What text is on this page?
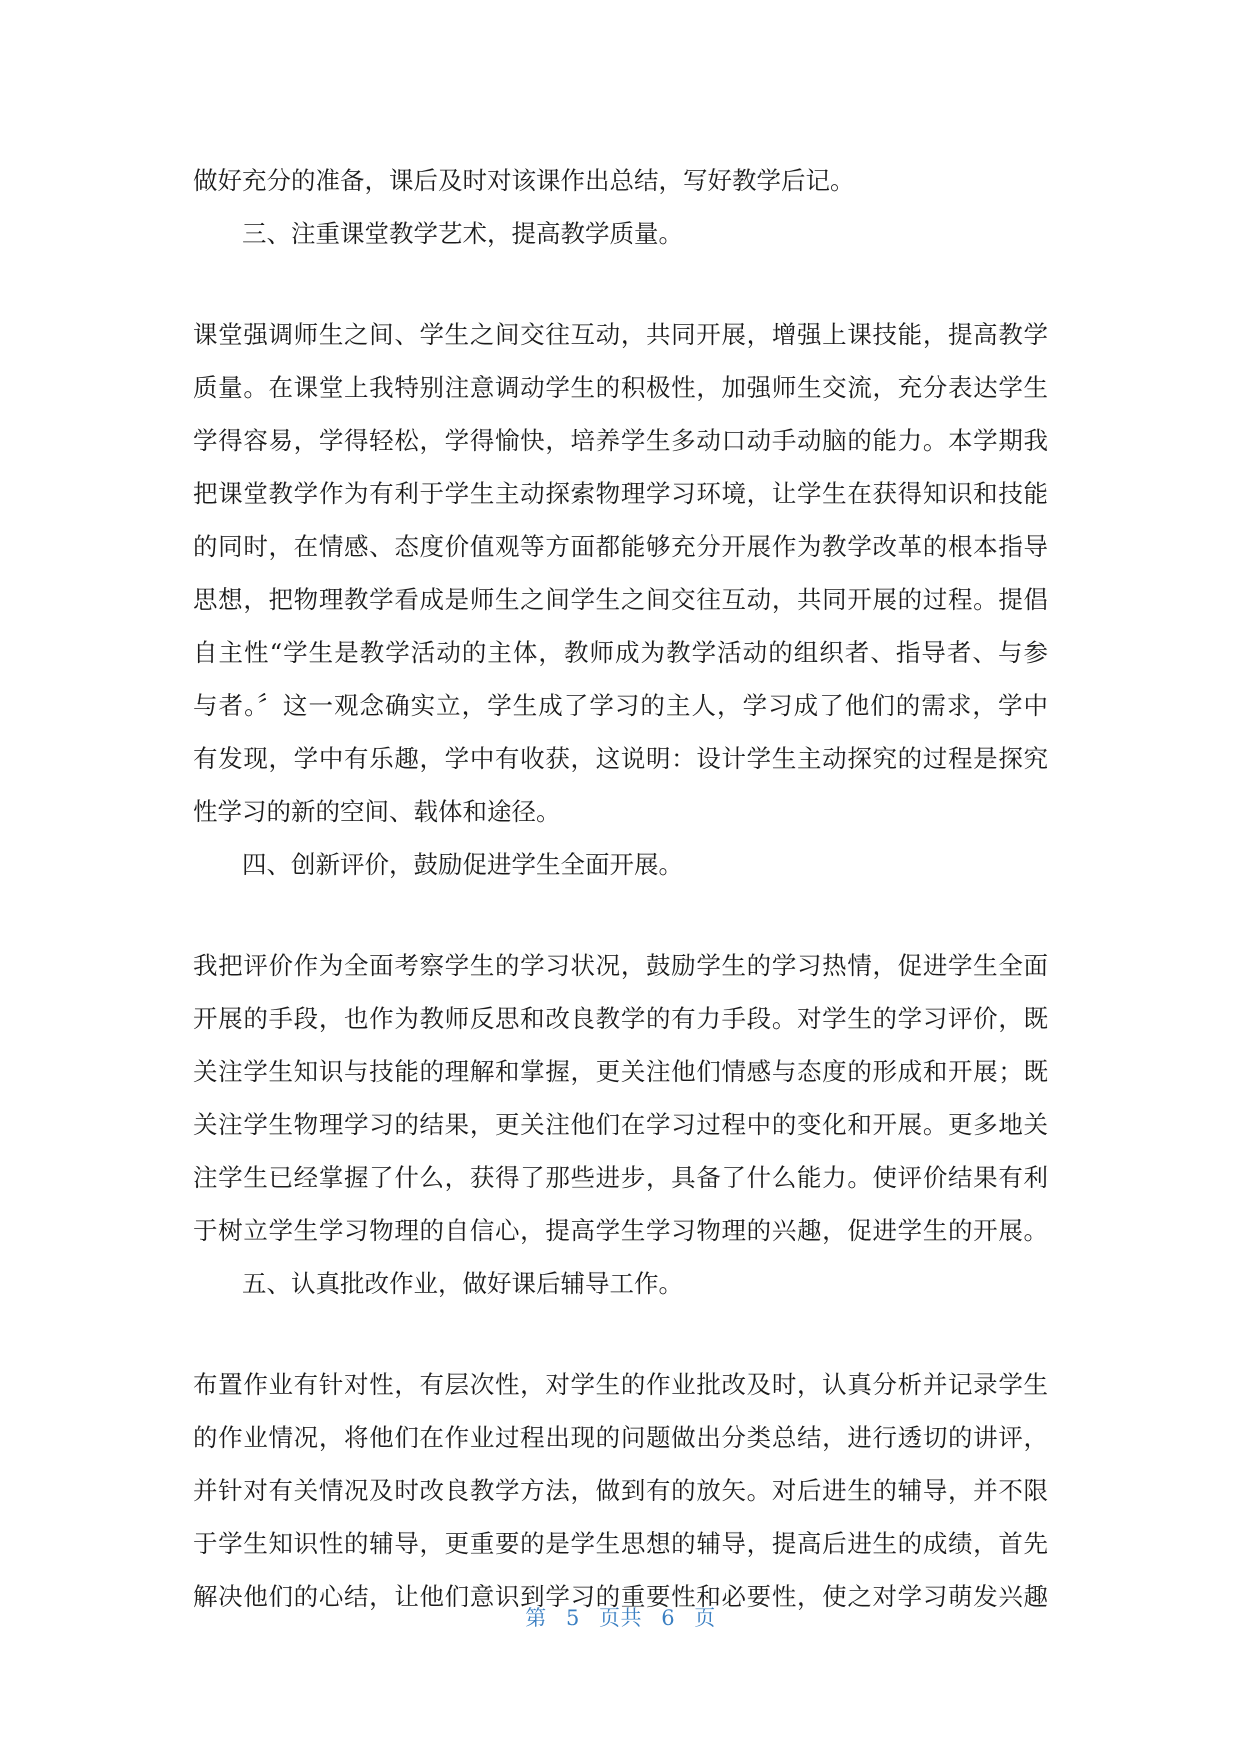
做好充分的准备，课后及时对该课作出总结，写好教学后记。
三、注重课堂教学艺术，提高教学质量。
课堂强调师生之间、学生之间交往互动，共同开展，增强上课技能，提高教学
质量。在课堂上我特别注意调动学生的积极性，加强师生交流，充分表达学生
学得容易，学得轻松，学得愉快，培养学生多动口动手动脑的能力。本学期我
把课堂教学作为有利于学生主动探索物理学习环境，让学生在获得知识和技能
的同时，在情感、态度价值观等方面都能够充分开展作为教学改革的根本指导
思想，把物理教学看成是师生之间学生之间交往互动，共同开展的过程。提倡
自主性“学生是教学活动的主体，教师成为教学活动的组织者、指导者、与参
与者。〞这一观念确实立，学生成了学习的主人，学习成了他们的需求，学中
有发现，学中有乐趣，学中有收获，这说明：设计学生主动探究的过程是探究
性学习的新的空间、载体和途径。
四、创新评价，鼓励促进学生全面开展。
我把评价作为全面考察学生的学习状况，鼓励学生的学习热情，促进学生全面
开展的手段，也作为教师反思和改良教学的有力手段。对学生的学习评价，既
关注学生知识与技能的理解和掌握，更关注他们情感与态度的形成和开展；既
关注学生物理学习的结果，更关注他们在学习过程中的变化和开展。更多地关
注学生已经掌握了什么，获得了那些进步，具备了什么能力。使评价结果有利
于树立学生学习物理的自信心，提高学生学习物理的兴趣，促进学生的开展。
五、认真批改作业，做好课后辅导工作。
布置作业有针对性，有层次性，对学生的作业批改及时，认真分析并记录学生
的作业情况，将他们在作业过程出现的问题做出分类总结，进行透切的讲评，
并针对有关情况及时改良教学方法，做到有的放矢。对后进生的辅导，并不限
于学生知识性的辅导，更重要的是学生思想的辅导，提高后进生的成绩，首先
解决他们的心结，让他们意识到学习的重要性和必要性，使之对学习萌发兴趣
第 5 页共 6 页
